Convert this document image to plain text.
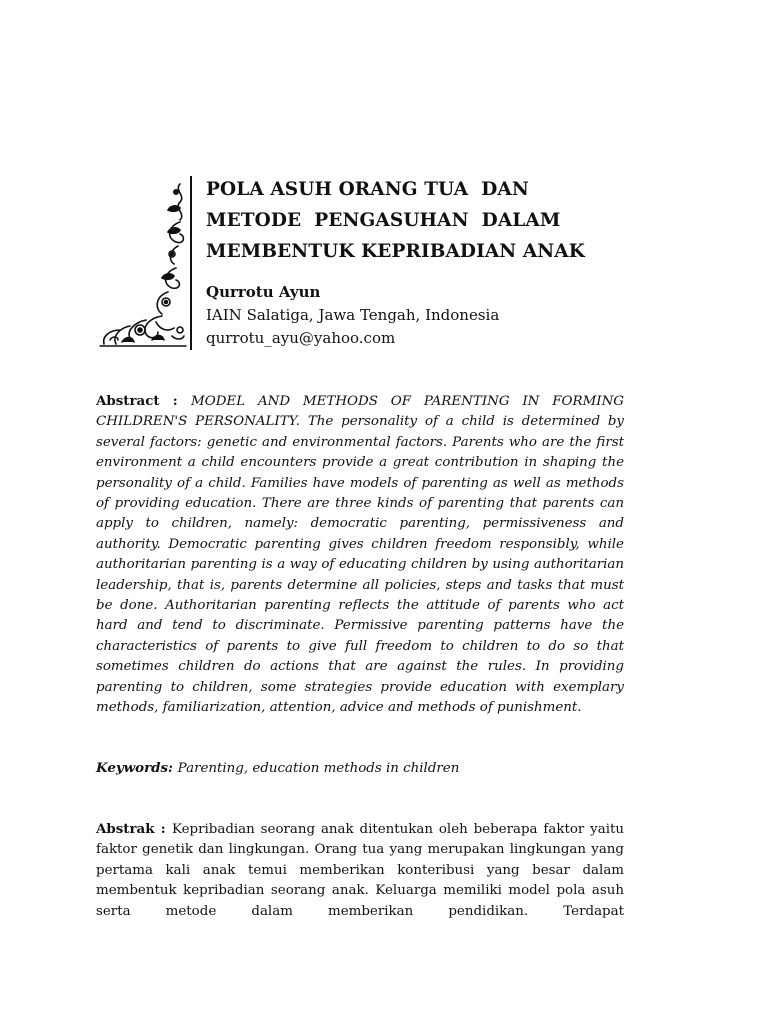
POLA ASUH ORANG TUA  DAN
METODE  PENGASUHAN  DALAM
MEMBENTUK KEPRIBADIAN ANAK
Qurrotu Ayun
IAIN Salatiga, Jawa Tengah, Indonesia
qurrotu_ayu@yahoo.com
Abstract : MODEL AND METHODS OF PARENTING IN FORMING CHILDREN'S PERSONALITY. The personality of a child is determined by several factors: genetic and environmental factors. Parents who are the first environment a child encounters provide a great contribution in shaping the personality of a child. Families have models of parenting as well as methods of providing education. There are three kinds of parenting that parents can apply to children, namely: democratic parenting, permissiveness and authority. Democratic parenting gives children freedom responsibly, while authoritarian parenting is a way of educating children by using authoritarian leadership, that is, parents determine all policies, steps and tasks that must be done. Authoritarian parenting reflects the attitude of parents who act hard and tend to discriminate. Permissive parenting patterns have the characteristics of parents to give full freedom to children to do so that sometimes children do actions that are against the rules. In providing parenting to children, some strategies provide education with exemplary methods, familiarization, attention, advice and methods of punishment.
Keywords: Parenting, education methods in children
Abstrak : Kepribadian seorang anak ditentukan oleh beberapa faktor yaitu faktor genetik dan lingkungan. Orang tua yang merupakan lingkungan yang pertama kali anak temui memberikan konteribusi yang besar dalam membentuk kepribadian seorang anak. Keluarga memiliki model pola asuh serta metode dalam memberikan pendidikan. Terdapat
